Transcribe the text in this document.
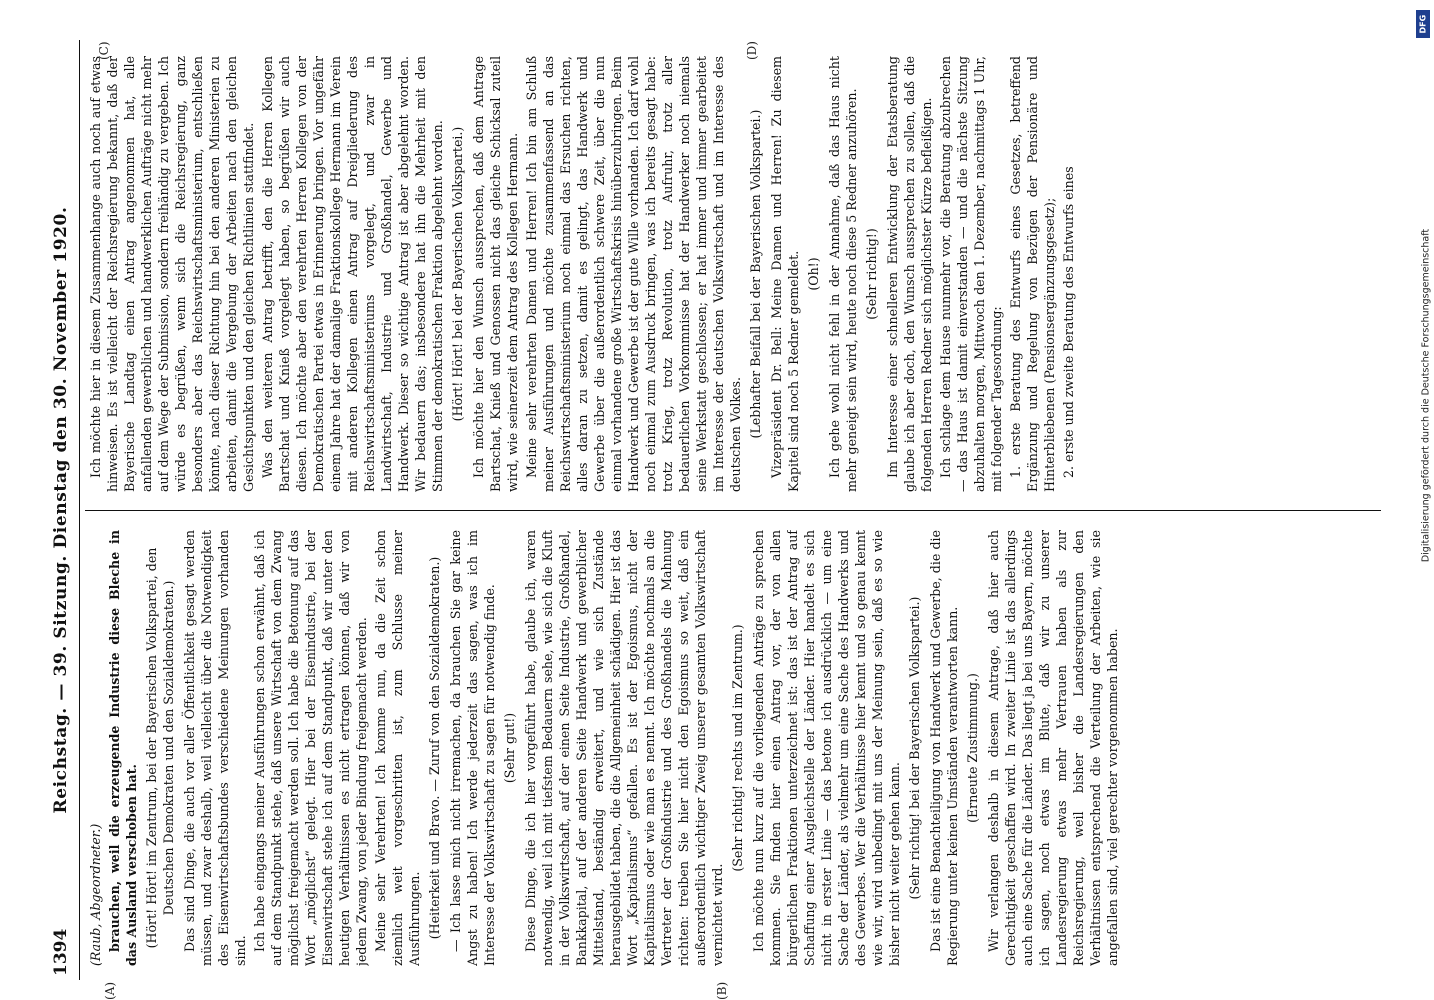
1394
Reichstag. — 39. Sitzung. Dienstag den 30. November 1920.
(A)	(B)
(C)	(D)

(Raub, Abgeordneter.) brauchen, weil die erzeugende Industrie diese Bleche in das Ausland verschoben hat. (Hört! Hört! im Zentrum, bei der Bayerischen Volkspartei, den Deutschen Demokraten und den Sozialdemokraten.) Das sind Dinge, die auch vor aller Öffentlichkeit gesagt werden müssen, und zwar deshalb, weil vielleicht über die Notwendigkeit des Eisenwirtschaftsbundes verschiedene Meinungen vorhanden sind. Ich habe eingangs meiner Ausführungen schon erwähnt, daß ich auf dem Standpunkt stehe, daß unsere Wirtschaft von dem Zwang möglichst freigemacht werden soll. Ich habe die Betonung auf das Wort „möglichst“ gelegt. Hier bei der Eisenindustrie, bei der Eisenwirtschaft stehe ich auf dem Standpunkt, daß wir unter den heutigen Verhältnissen es nicht ertragen können, daß wir von jedem Zwang, von jeder Bindung freigemacht werden. Meine sehr Verehrten! Ich komme nun, da die Zeit schon ziemlich weit vorgeschritten ist, zum Schlusse meiner Ausführungen. (Heiterkeit und Bravo. — Zuruf von den Sozialdemokraten.) — Ich lasse mich nicht irremachen, da brauchen Sie gar keine Angst zu haben! Ich werde jederzeit das sagen, was ich im Interesse der Volkswirtschaft zu sagen für notwendig finde. (Sehr gut!) Diese Dinge, die ich hier vorgeführt habe, glaube ich, waren notwendig, weil ich mit tiefstem Bedauern sehe, wie sich die Kluft in der Volkswirtschaft, auf der einen Seite Industrie, Großhandel, Bankkapital, auf der anderen Seite Handwerk und gewerblicher Mittelstand, beständig erweitert, und wie sich Zustände herausgebildet haben, die die Allgemeinheit schädigen. Hier ist das Wort „Kapitalismus“ gefallen. Es ist der Egoismus, nicht der Kapitalismus oder wie man es nennt. Ich möchte nochmals an die Vertreter der Großindustrie und des Großhandels die Mahnung richten: treiben Sie hier nicht den Egoismus so weit, daß ein außerordentlich wichtiger Zweig unserer gesamten Volkswirtschaft vernichtet wird.

(Sehr richtig! rechts und im Zentrum.) Ich möchte nun kurz auf die vorliegenden Anträge zu sprechen kommen. Sie finden hier einen Antrag vor, der von allen bürgerlichen Fraktionen unterzeichnet ist: das ist der Antrag auf Schaffung einer Ausgleichstelle der Länder. Hier handelt es sich nicht in erster Linie — das betone ich ausdrücklich — um eine Sache der Länder, als vielmehr um eine Sache des Handwerks und des Gewerbes. Wer die Verhältnisse hier kennt und so genau kennt wie wir, wird unbedingt mit uns der Meinung sein, daß es so wie bisher nicht weiter gehen kann. (Sehr richtig! bei der Bayerischen Volkspartei.) Das ist eine Benachteiligung von Handwerk und Gewerbe, die die Regierung unter keinen Umständen verantworten kann. (Erneute Zustimmung.) Wir verlangen deshalb in diesem Antrage, daß hier auch Gerechtigkeit geschaffen wird. In zweiter Linie ist das allerdings auch eine Sache für die Länder. Das liegt ja bei uns Bayern, möchte ich sagen, noch etwas im Blute, daß wir zu unserer Landesregierung etwas mehr Vertrauen haben als zur Reichsregierung, weil bisher die Landesregierungen den Verhältnissen entsprechend die Verteilung der Arbeiten, wie sie angefallen sind, viel gerechter vorgenommen haben.

Ich möchte hier in diesem Zusammenhange auch noch auf etwas hinweisen. Es ist vielleicht der Reichsregierung bekannt, daß der Bayerische Landtag einen Antrag angenommen hat, alle anfallenden gewerblichen und handwerklichen Aufträge nicht mehr auf dem Wege der Submission, sondern freihändig zu vergeben. Ich würde es begrüßen, wenn sich die Reichsregierung, ganz besonders aber das Reichswirtschaftsministerium, entschließen könnte, nach dieser Richtung hin bei den anderen Ministerien zu arbeiten, damit die Vergebung der Arbeiten nach den gleichen Gesichtspunkten und den gleichen Richtlinien stattfindet. Was den weiteren Antrag betrifft, den die Herren Kollegen Bartschat und Knieß vorgelegt haben, so begrüßen wir auch diesen. Ich möchte aber den verehrten Herren Kollegen von der Demokratischen Partei etwas in Erinnerung bringen. Vor ungefähr einem Jahre hat der damalige Fraktionskollege Hermann im Verein mit anderen Kollegen einen Antrag auf Dreigliederung des Reichswirtschaftsministeriums vorgelegt, und zwar in Landwirtschaft, Industrie und Großhandel, Gewerbe und Handwerk. Dieser so wichtige Antrag ist aber abgelehnt worden. Wir bedauern das; insbesondere hat ihn die Mehrheit mit den Stimmen der demokratischen Fraktion abgelehnt worden. (Hört! Hört! bei der Bayerischen Volkspartei.) Ich möchte hier den Wunsch aussprechen, daß dem Antrage Bartschat, Knieß und Genossen nicht das gleiche Schicksal zuteil wird, wie seinerzeit dem Antrag des Kollegen Hermann. Meine sehr verehrten Damen und Herren! Ich bin am Schluß meiner Ausführungen und möchte zusammenfassend an das Reichswirtschaftsministerium noch einmal das Ersuchen richten, alles daran zu setzen, damit es gelingt, das Handwerk und Gewerbe über die außerordentlich schwere Zeit, über die nun einmal vorhandene große Wirtschaftskrisis hinüberzubringen. Beim Handwerk und Gewerbe ist der gute Wille vorhanden. Ich darf wohl noch einmal zum Ausdruck bringen, was ich bereits gesagt habe: trotz Krieg, trotz Revolution, trotz Aufruhr, trotz aller bedauerlichen Vorkommnisse hat der Handwerker noch niemals seine Werkstatt geschlossen; er hat immer und immer gearbeitet im Interesse der deutschen Volkswirtschaft und im Interesse des deutschen Volkes. (Lebhafter Beifall bei der Bayerischen Volkspartei.) Vizepräsident Dr. Bell: Meine Damen und Herren! Zu diesem Kapitel sind noch 5 Redner gemeldet. (Oh!) Ich gehe wohl nicht fehl in der Annahme, daß das Haus nicht mehr geneigt sein wird, heute noch diese 5 Redner anzuhören. (Sehr richtig!) Im Interesse einer schnelleren Entwicklung der Etatsberatung glaube ich aber doch, den Wunsch aussprechen zu sollen, daß die folgenden Herren Redner sich möglichster Kürze befleißigen. Ich schlage dem Hause nunmehr vor, die Beratung abzubrechen — das Haus ist damit einverstanden — und die nächste Sitzung abzuhalten morgen, Mittwoch den 1. Dezember, nachmittags 1 Uhr, mit folgender Tagesordnung: 1. erste Beratung des Entwurfs eines Gesetzes, betreffend Ergänzung und Regelung von Bezügen der Pensionäre und Hinterbliebenen (Pensionsergänzungsgesetz); 2. erste und zweite Beratung des Entwurfs eines

DFG
Digitalisierung gefördert durch die Deutsche Forschungsgemeinschaft
